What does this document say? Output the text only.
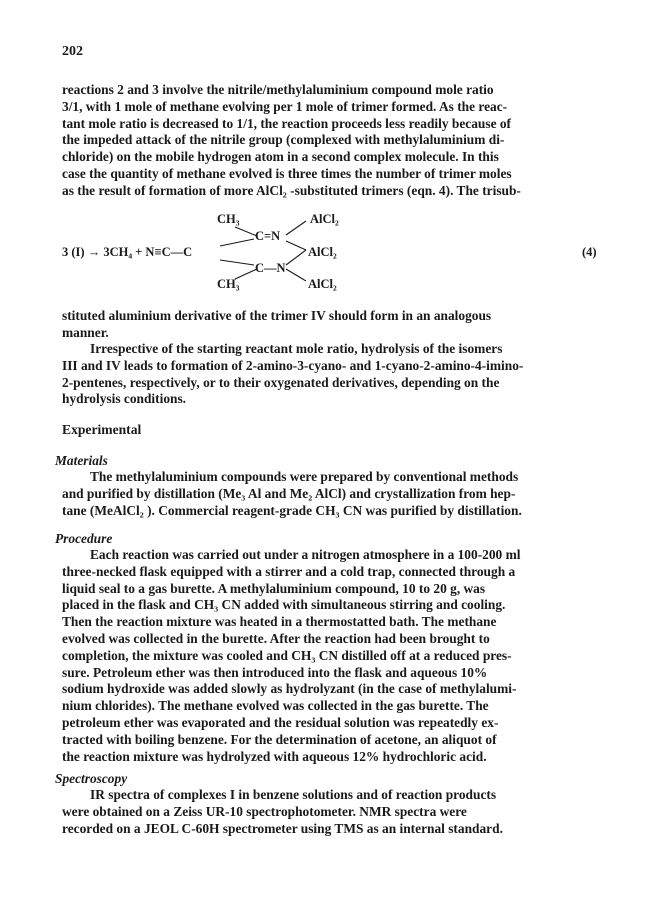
202
reactions 2 and 3 involve the nitrile/methylaluminium compound mole ratio
3/1, with 1 mole of methane evolving per 1 mole of trimer formed. As the reac-
tant mole ratio is decreased to 1/1, the reaction proceeds less readily because of
the impeded attack of the nitrile group (complexed with methylaluminium di-
chloride) on the mobile hydrogen atom in a second complex molecule. In this
case the quantity of methane evolved is three times the number of trimer moles
as the result of formation of more AlCl₂ -substituted trimers (eqn. 4). The trisub-
CH₃	AlCl₂
C=N
3 (I) → 3CH₄ + N≡C—C	AlCl₂	(4)
C—N
CH₃	AlCl₂
stituted aluminium derivative of the trimer IV should form in an analogous
manner.
Irrespective of the starting reactant mole ratio, hydrolysis of the isomers
III and IV leads to formation of 2-amino-3-cyano- and 1-cyano-2-amino-4-imino-
2-pentenes, respectively, or to their oxygenated derivatives, depending on the
hydrolysis conditions.
Experimental
Materials
The methylaluminium compounds were prepared by conventional methods
and purified by distillation (Me₃ Al and Me₂ AlCl) and crystallization from hep-
tane (MeAlCl₂ ). Commercial reagent-grade CH₃ CN was purified by distillation.
Procedure
Each reaction was carried out under a nitrogen atmosphere in a 100-200 ml
three-necked flask equipped with a stirrer and a cold trap, connected through a
liquid seal to a gas burette. A methylaluminium compound, 10 to 20 g, was
placed in the flask and CH₃ CN added with simultaneous stirring and cooling.
Then the reaction mixture was heated in a thermostatted bath. The methane
evolved was collected in the burette. After the reaction had been brought to
completion, the mixture was cooled and CH₃ CN distilled off at a reduced pres-
sure. Petroleum ether was then introduced into the flask and aqueous 10%
sodium hydroxide was added slowly as hydrolyzant (in the case of methylalumi-
nium chlorides). The methane evolved was collected in the gas burette. The
petroleum ether was evaporated and the residual solution was repeatedly ex-
tracted with boiling benzene. For the determination of acetone, an aliquot of
the reaction mixture was hydrolyzed with aqueous 12% hydrochloric acid.
Spectroscopy
IR spectra of complexes I in benzene solutions and of reaction products
were obtained on a Zeiss UR-10 spectrophotometer. NMR spectra were
recorded on a JEOL C-60H spectrometer using TMS as an internal standard.
